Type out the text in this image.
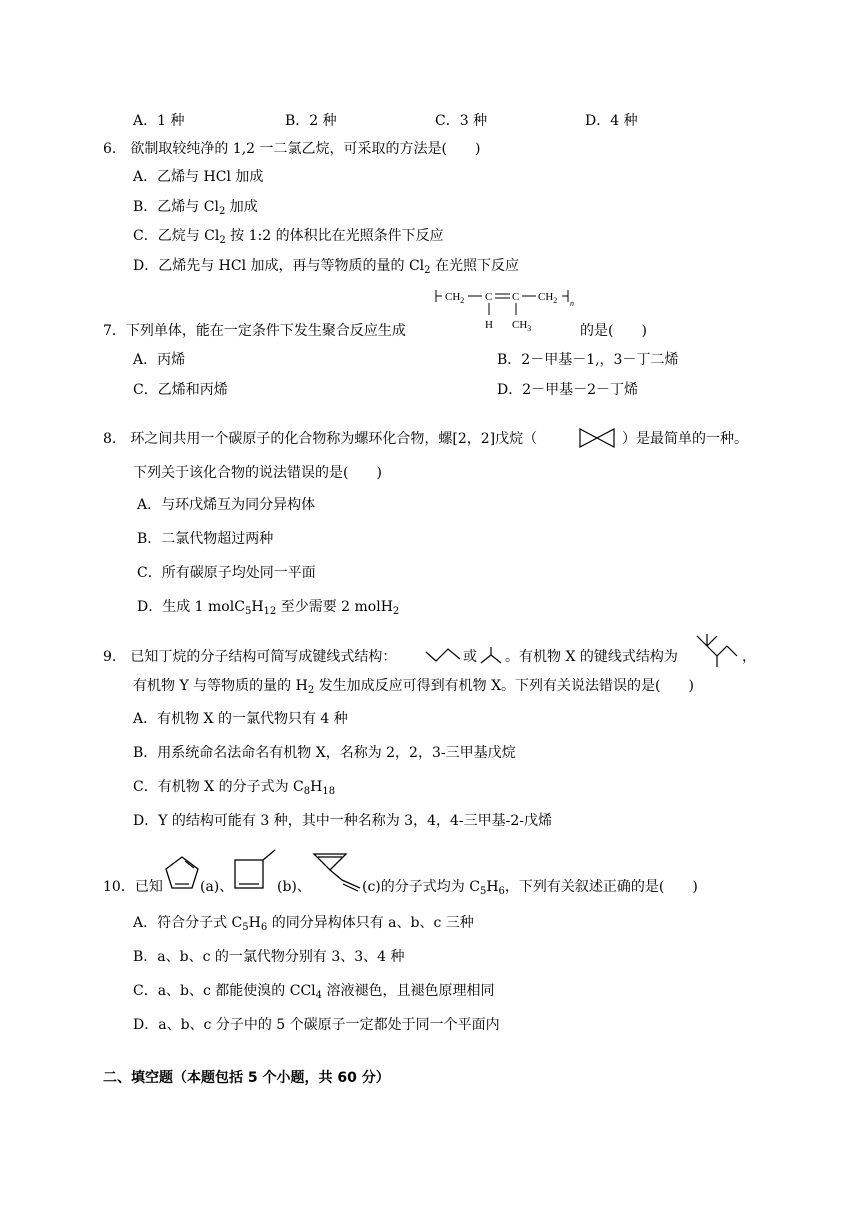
A．1 种	B．2 种	C．3 种	D．4 种
6.　欲制取较纯净的 1,2 一二氯乙烷，可采取的方法是(　　)
A．乙烯与 HCl 加成
B．乙烯与 $Cl_2$ 加成
C．乙烷与 $Cl_2$ 按 1:2 的体积比在光照条件下反应
D．乙烯先与 HCl 加成，再与等物质的量的 $Cl_2$ 在光照下反应
$CH_2$ C C $CH_2$ n
H $CH_3$
7．下列单体，能在一定条件下发生聚合反应生成	的是(　　)
A．丙烯	B．2－甲基－1,，3－丁二烯
C．乙烯和丙烯	D．2－甲基－2－丁烯
8.　环之间共用一个碳原子的化合物称为螺环化合物，螺[2，2]戊烷（	）是最简单的一种。
下列关于该化合物的说法错误的是(　　)
A．与环戊烯互为同分异构体
B．二氯代物超过两种
C．所有碳原子均处同一平面
D．生成 1 $molC_5H_{12}$ 至少需要 2 molH$_2$
9.　已知丁烷的分子结构可简写成键线式结构：	或 。有机物 X 的键线式结构为	，
有机物 Y 与等物质的量的 $H_2$ 发生加成反应可得到有机物 X。下列有关说法错误的是(　　)
A．有机物 X 的一氯代物只有 4 种
B．用系统命名法命名有机物 X，名称为 2，2，3-三甲基戊烷
C．有机物 X 的分子式为 $C_8H_{18}$
D．Y 的结构可能有 3 种，其中一种名称为 3，4，4-三甲基-2-戊烯
10．已知	(a)、	(b)、	(c)的分子式均为 $C_5H_6$，下列有关叙述正确的是(　　)
A．符合分子式 $C_5H_6$ 的同分异构体只有 a、b、c 三种
B．a、b、c 的一氯代物分别有 3、3、4 种
C．a、b、c 都能使溴的 CCl$_4$ 溶液褪色，且褪色原理相同
D．a、b、c 分子中的 5 个碳原子一定都处于同一个平面内
二、填空题（本题包括 5 个小题，共 60 分）
